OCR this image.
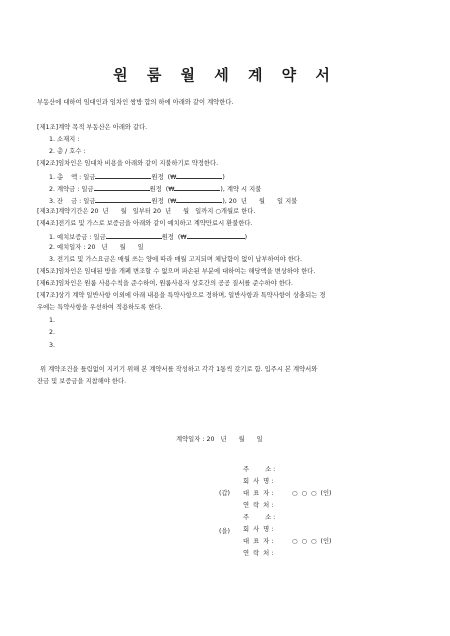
원 룸 월 세 계 약 서
부동산에 대하여 임대인과 임차인 쌍방 합의 하에 아래와 같이 계약한다.
[제1조]계약 목적 부동산은 아래와 같다.
1. 소재지 :
2. 층 / 호수 :
[제2조]임차인은 임대차 비용을 아래와 같이 지불하기로 약정한다.
1. 총    액 : 일금	원정  (₩	)
2. 계약금 : 일금	원정  (₩	), 계약 시 지불
3. 잔    금 : 일금	원정  (₩	), 20  년      월      일 지불
[제3조]계약기간은 20  년      월   일부터 20  년      월   일까지 ○개월로 한다.
[제4조]전기료 및 가스로 보증금을 아래와 같이 예치하고 계약만료시 환불한다.
1. 예치보증금 : 일금	원정  (₩	)
2. 예치일자 : 20   년      월      일
3. 전기료 및 가스요금은 매월 쓰는 양에 따라 매월 고지되며 체납함이 없이 납부하여야 한다.
[제5조]임차인은 임대된 방을 개폐 변조할 수 없으며 파손된 부분에 대하여는 해당액을 변상하야 한다.
[제6조]임차인은 원룸 사용수칙을 준수하여, 원룸사용자 상호간의 공공 질서를 준수하야 한다.
[제7조]상기 계약 일반사항 이외에 아래 내용을 특약사항으로 정하며, 일반사항과 특약사항이 상충되는 경
우에는 특약사항을 우선하여 적용하도록 한다.
1.
2.
3.
위 계약조건을 틀림없이 지키기 위해 본 계약서를 작성하고 각각 1통씩 갖기로 함. 입주시 본 계약서와
잔금 및 보증금을 지참해야 한다.
계약일자 : 20   년      월      일
(갑)
주        소 :
회  사  명 :
대  표  자 :	○  ○  ○  (인)
연  락  처 :
(을)
주        소 :
회  사  명 :
대  표  자 :	○  ○  ○  (인)
연  락  처 :
